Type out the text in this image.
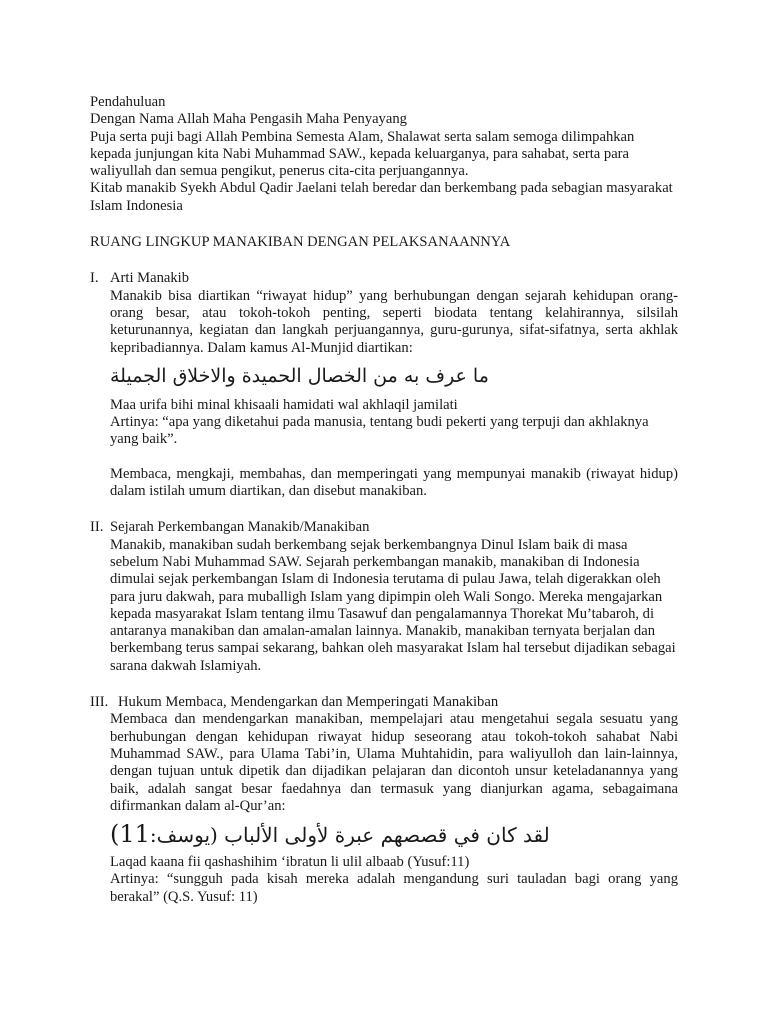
Pendahuluan

Dengan Nama Allah Maha Pengasih Maha Penyayang

Puja serta puji bagi Allah Pembina Semesta Alam, Shalawat serta salam semoga dilimpahkan kepada junjungan kita Nabi Muhammad SAW., kepada keluarganya, para sahabat, serta para waliyullah dan semua pengikut, penerus cita-cita perjuangannya.

Kitab manakib Syekh Abdul Qadir Jaelani telah beredar dan berkembang pada sebagian masyarakat Islam Indonesia

RUANG LINGKUP MANAKIBAN DENGAN PELAKSANAANNYA

I. Arti Manakib

Manakib bisa diartikan “riwayat hidup” yang berhubungan dengan sejarah kehidupan orang-orang besar, atau tokoh-tokoh penting, seperti biodata tentang kelahirannya, silsilah keturunannya, kegiatan dan langkah perjuangannya, guru-gurunya, sifat-sifatnya, serta akhlak kepribadiannya. Dalam kamus Al-Munjid diartikan:

ما عرف به من الخصال الحميدة والاخلاق الجميلة

Maa urifa bihi minal khisaali hamidati wal akhlaqil jamilati

Artinya: “apa yang diketahui pada manusia, tentang budi pekerti yang terpuji dan akhlaknya yang baik”.

Membaca, mengkaji, membahas, dan memperingati yang mempunyai manakib (riwayat hidup) dalam istilah umum diartikan, dan disebut manakiban.

II. Sejarah Perkembangan Manakib/Manakiban

Manakib, manakiban sudah berkembang sejak berkembangnya Dinul Islam baik di masa sebelum Nabi Muhammad SAW. Sejarah perkembangan manakib, manakiban di Indonesia dimulai sejak perkembangan Islam di Indonesia terutama di pulau Jawa, telah digerakkan oleh para juru dakwah, para muballigh Islam yang dipimpin oleh Wali Songo. Mereka mengajarkan kepada masyarakat Islam tentang ilmu Tasawuf dan pengalamannya Thorekat Mu’tabaroh, di antaranya manakiban dan amalan-amalan lainnya. Manakib, manakiban ternyata berjalan dan berkembang terus sampai sekarang, bahkan oleh masyarakat Islam hal tersebut dijadikan sebagai sarana dakwah Islamiyah.

III. Hukum Membaca, Mendengarkan dan Memperingati Manakiban

Membaca dan mendengarkan manakiban, mempelajari atau mengetahui segala sesuatu yang berhubungan dengan kehidupan riwayat hidup seseorang atau tokoh-tokoh sahabat Nabi Muhammad SAW., para Ulama Tabi’in, Ulama Muhtahidin, para waliyulloh dan lain-lainnya, dengan tujuan untuk dipetik dan dijadikan pelajaran dan dicontoh unsur keteladanannya yang baik, adalah sangat besar faedahnya dan termasuk yang dianjurkan agama, sebagaimana difirmankan dalam al-Qur’an:

لقد كان في قصصهم عبرة لأولى الألباب (يوسف:11)

Laqad kaana fii qashashihim ‘ibratun li ulil albaab (Yusuf:11)

Artinya: “sungguh pada kisah mereka adalah mengandung suri tauladan bagi orang yang berakal” (Q.S. Yusuf: 11)
